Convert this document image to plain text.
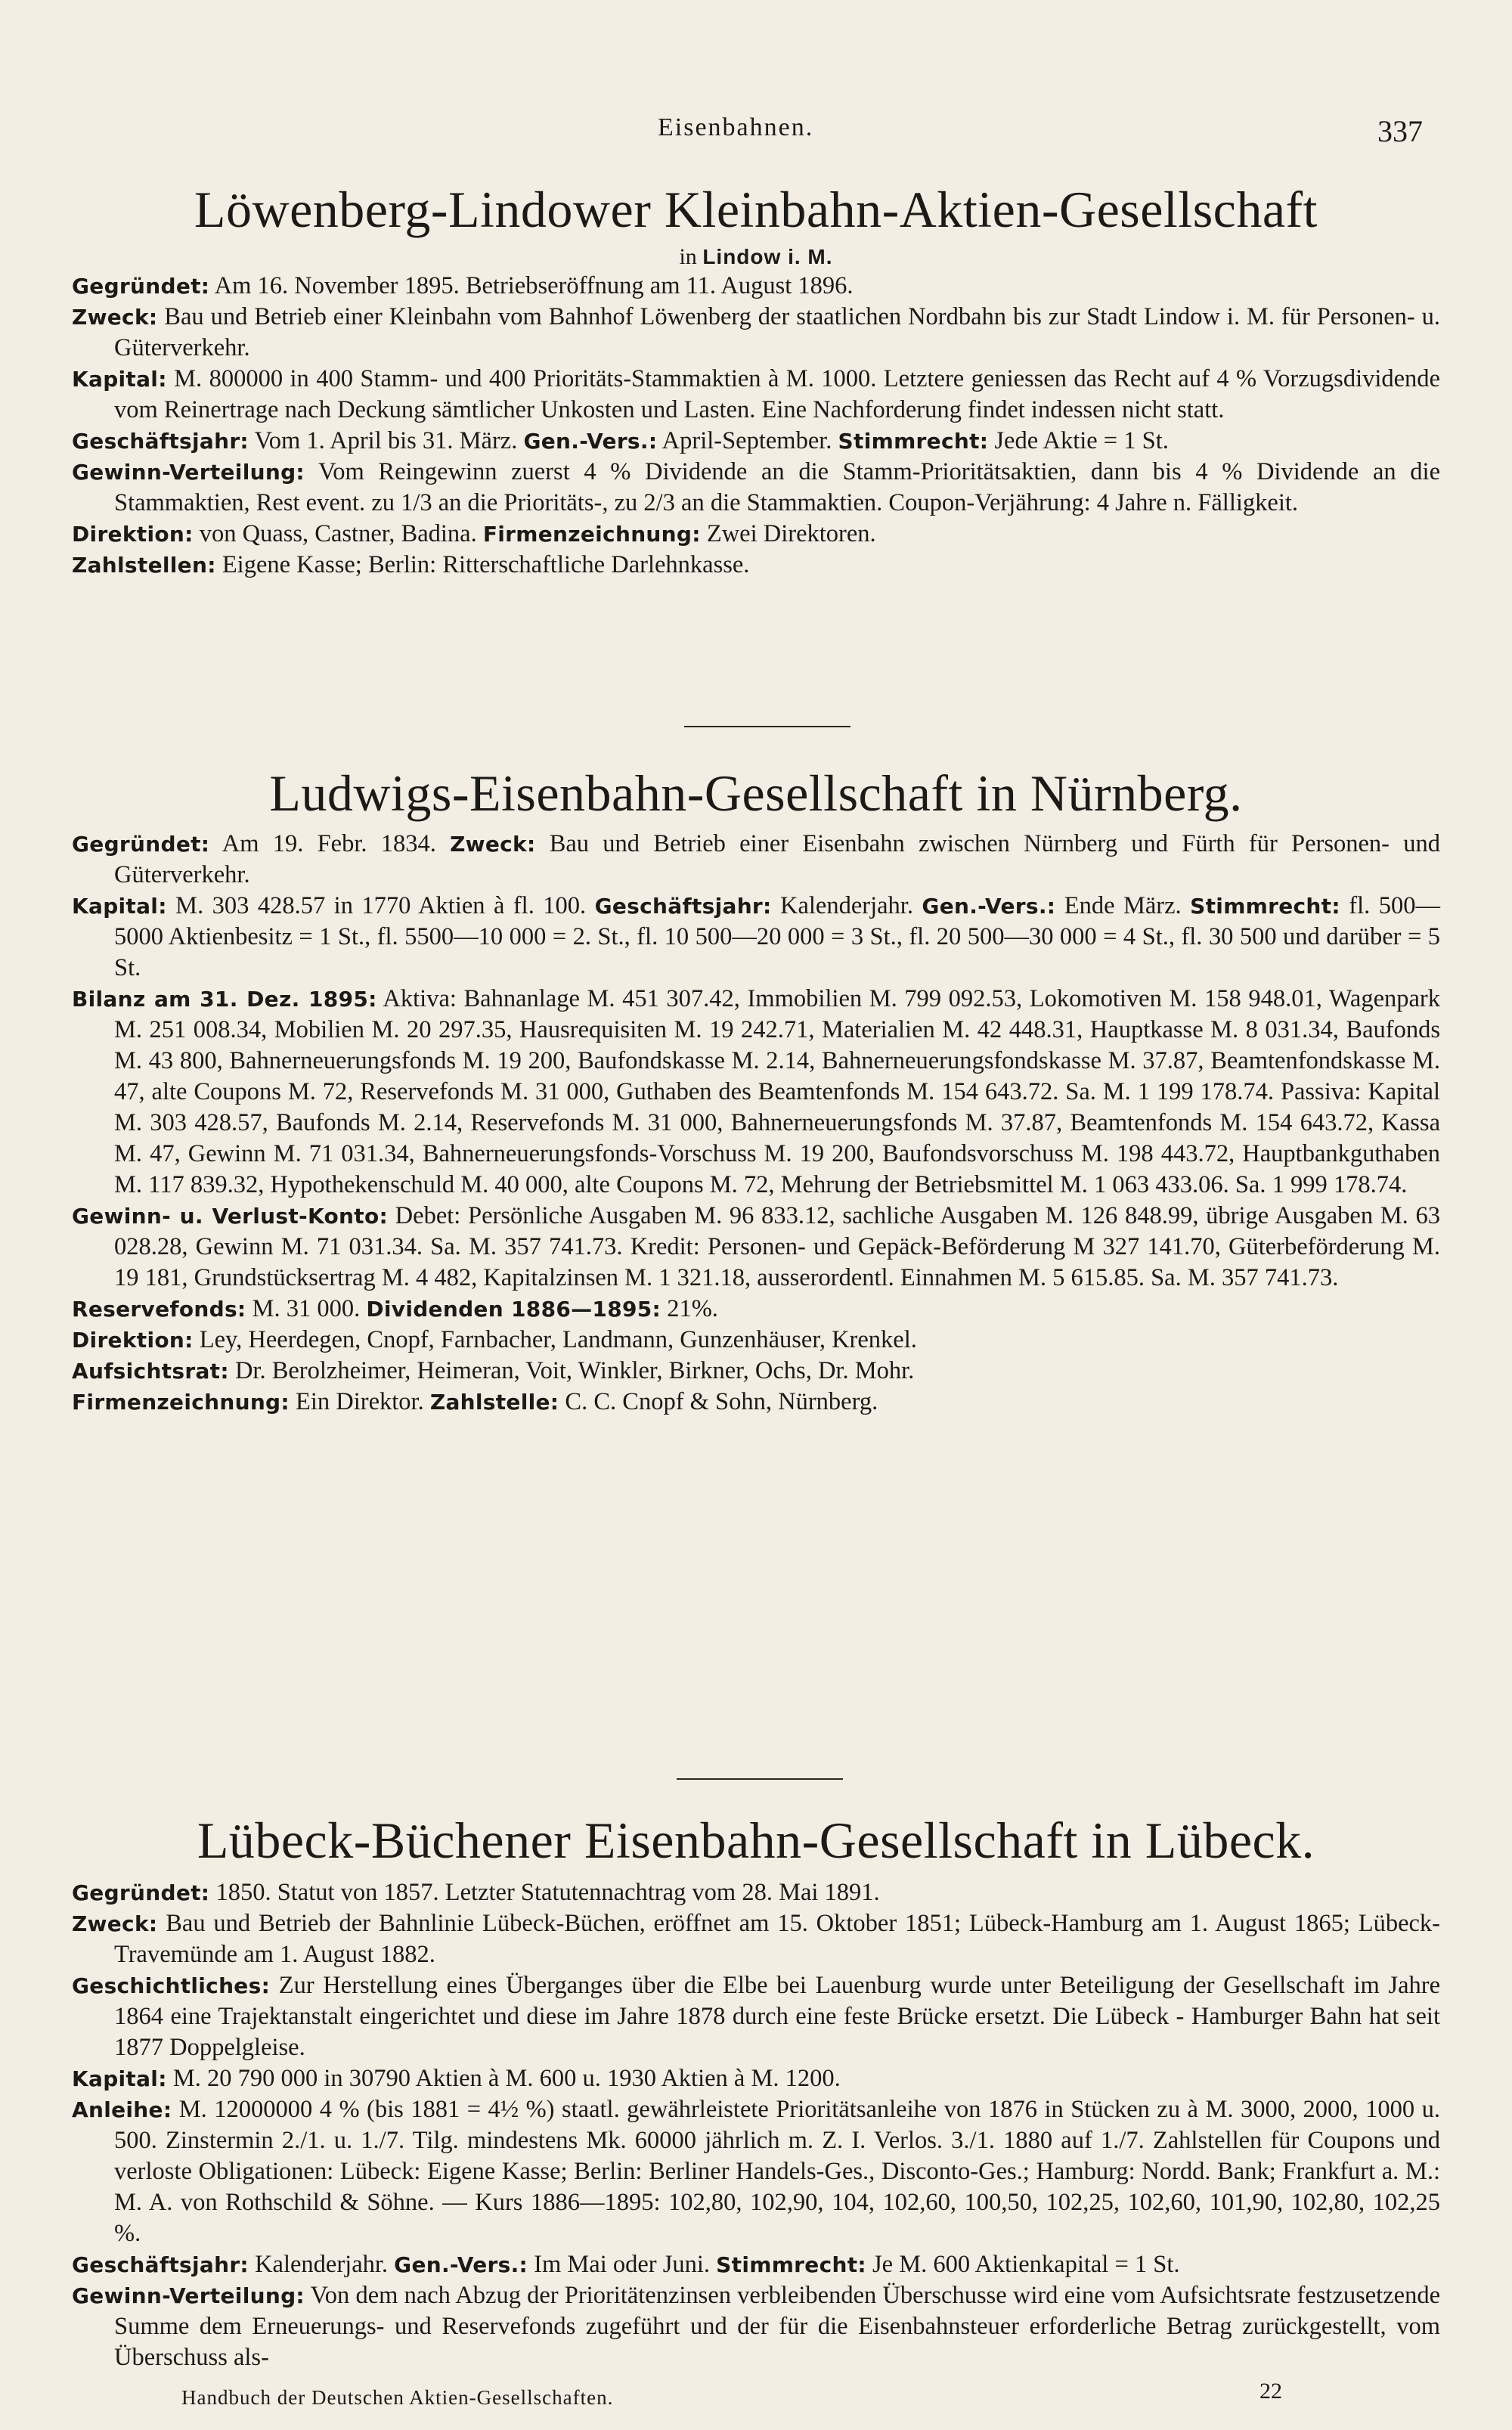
Eisenbahnen.	337
Löwenberg-Lindower Kleinbahn-Aktien-Gesellschaft
in Lindow i. M.
Gegründet: Am 16. November 1895. Betriebseröffnung am 11. August 1896.
Zweck: Bau und Betrieb einer Kleinbahn vom Bahnhof Löwenberg der staatlichen Nordbahn bis zur Stadt Lindow i. M. für Personen- u. Güterverkehr.
Kapital: M. 800000 in 400 Stamm- und 400 Prioritäts-Stammaktien à M. 1000. Letztere geniessen das Recht auf 4 % Vorzugsdividende vom Reinertrage nach Deckung sämtlicher Unkosten und Lasten. Eine Nachforderung findet indessen nicht statt.
Geschäftsjahr: Vom 1. April bis 31. März. Gen.-Vers.: April-September. Stimmrecht: Jede Aktie = 1 St.
Gewinn-Verteilung: Vom Reingewinn zuerst 4 % Dividende an die Stamm-Prioritätsaktien, dann bis 4 % Dividende an die Stammaktien, Rest event. zu 1/3 an die Prioritäts-, zu 2/3 an die Stammaktien. Coupon-Verjährung: 4 Jahre n. Fälligkeit.
Direktion: von Quass, Castner, Badina. Firmenzeichnung: Zwei Direktoren.
Zahlstellen: Eigene Kasse; Berlin: Ritterschaftliche Darlehnkasse.
Ludwigs-Eisenbahn-Gesellschaft in Nürnberg.
Gegründet: Am 19. Febr. 1834. Zweck: Bau und Betrieb einer Eisenbahn zwischen Nürnberg und Fürth für Personen- und Güterverkehr.
Kapital: M. 303 428.57 in 1770 Aktien à fl. 100. Geschäftsjahr: Kalenderjahr. Gen.-Vers.: Ende März. Stimmrecht: fl. 500—5000 Aktienbesitz = 1 St., fl. 5500—10 000 = 2. St., fl. 10 500—20 000 = 3 St., fl. 20 500—30 000 = 4 St., fl. 30 500 und darüber = 5 St.
Bilanz am 31. Dez. 1895: Aktiva: Bahnanlage M. 451 307.42, Immobilien M. 799 092.53, Lokomotiven M. 158 948.01, Wagenpark M. 251 008.34, Mobilien M. 20 297.35, Hausrequisiten M. 19 242.71, Materialien M. 42 448.31, Hauptkasse M. 8 031.34, Baufonds M. 43 800, Bahnerneuerungsfonds M. 19 200, Baufondskasse M. 2.14, Bahnerneuerungsfondskasse M. 37.87, Beamtenfondskasse M. 47, alte Coupons M. 72, Reservefonds M. 31 000, Guthaben des Beamtenfonds M. 154 643.72. Sa. M. 1 199 178.74. Passiva: Kapital M. 303 428.57, Baufonds M. 2.14, Reservefonds M. 31 000, Bahnerneuerungsfonds M. 37.87, Beamtenfonds M. 154 643.72, Kassa M. 47, Gewinn M. 71 031.34, Bahnerneuerungsfonds-Vorschuss M. 19 200, Baufondsvorschuss M. 198 443.72, Hauptbankguthaben M. 117 839.32, Hypothekenschuld M. 40 000, alte Coupons M. 72, Mehrung der Betriebsmittel M. 1 063 433.06. Sa. 1 999 178.74.
Gewinn- u. Verlust-Konto: Debet: Persönliche Ausgaben M. 96 833.12, sachliche Ausgaben M. 126 848.99, übrige Ausgaben M. 63 028.28, Gewinn M. 71 031.34. Sa. M. 357 741.73. Kredit: Personen- und Gepäck-Beförderung M 327 141.70, Güterbeförderung M. 19 181, Grundstücksertrag M. 4 482, Kapitalzinsen M. 1 321.18, ausserordentl. Einnahmen M. 5 615.85. Sa. M. 357 741.73.
Reservefonds: M. 31 000. Dividenden 1886—1895: 21%.
Direktion: Ley, Heerdegen, Cnopf, Farnbacher, Landmann, Gunzenhäuser, Krenkel.
Aufsichtsrat: Dr. Berolzheimer, Heimeran, Voit, Winkler, Birkner, Ochs, Dr. Mohr.
Firmenzeichnung: Ein Direktor. Zahlstelle: C. C. Cnopf & Sohn, Nürnberg.
Lübeck-Büchener Eisenbahn-Gesellschaft in Lübeck.
Gegründet: 1850. Statut von 1857. Letzter Statutennachtrag vom 28. Mai 1891.
Zweck: Bau und Betrieb der Bahnlinie Lübeck-Büchen, eröffnet am 15. Oktober 1851; Lübeck-Hamburg am 1. August 1865; Lübeck-Travemünde am 1. August 1882.
Geschichtliches: Zur Herstellung eines Überganges über die Elbe bei Lauenburg wurde unter Beteiligung der Gesellschaft im Jahre 1864 eine Trajektanstalt eingerichtet und diese im Jahre 1878 durch eine feste Brücke ersetzt. Die Lübeck - Hamburger Bahn hat seit 1877 Doppelgleise.
Kapital: M. 20 790 000 in 30790 Aktien à M. 600 u. 1930 Aktien à M. 1200.
Anleihe: M. 12000000 4 % (bis 1881 = 4½ %) staatl. gewährleistete Prioritätsanleihe von 1876 in Stücken zu à M. 3000, 2000, 1000 u. 500. Zinstermin 2./1. u. 1./7. Tilg. mindestens Mk. 60000 jährlich m. Z. I. Verlos. 3./1. 1880 auf 1./7. Zahlstellen für Coupons und verloste Obligationen: Lübeck: Eigene Kasse; Berlin: Berliner Handels-Ges., Disconto-Ges.; Hamburg: Nordd. Bank; Frankfurt a. M.: M. A. von Rothschild & Söhne. — Kurs 1886—1895: 102,80, 102,90, 104, 102,60, 100,50, 102,25, 102,60, 101,90, 102,80, 102,25 %.
Geschäftsjahr: Kalenderjahr. Gen.-Vers.: Im Mai oder Juni. Stimmrecht: Je M. 600 Aktienkapital = 1 St.
Gewinn-Verteilung: Von dem nach Abzug der Prioritätenzinsen verbleibenden Überschusse wird eine vom Aufsichtsrate festzusetzende Summe dem Erneuerungs- und Reservefonds zugeführt und der für die Eisenbahnsteuer erforderliche Betrag zurückgestellt, vom Überschuss als-
Handbuch der Deutschen Aktien-Gesellschaften.	22
